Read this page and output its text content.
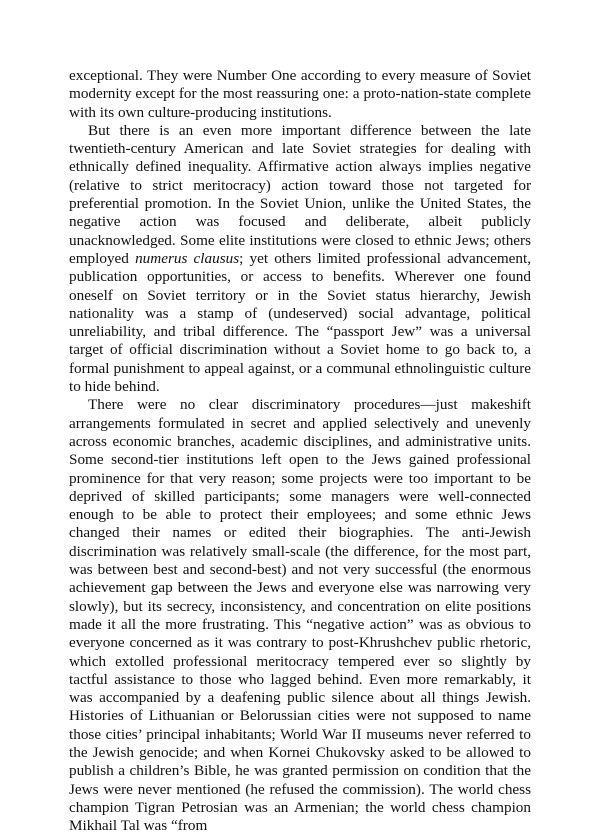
exceptional. They were Number One according to every measure of Soviet modernity except for the most reassuring one: a proto-nation-state complete with its own culture-producing institutions.

But there is an even more important difference between the late twentieth-century American and late Soviet strategies for dealing with ethnically defined inequality. Affirmative action always implies negative (relative to strict meritocracy) action toward those not targeted for preferential promotion. In the Soviet Union, unlike the United States, the negative action was focused and deliberate, albeit publicly unacknowledged. Some elite institutions were closed to ethnic Jews; others employed numerus clausus; yet others limited professional advancement, publication opportunities, or access to benefits. Wherever one found oneself on Soviet territory or in the Soviet status hierarchy, Jewish nationality was a stamp of (undeserved) social advantage, political unreliability, and tribal difference. The “passport Jew” was a universal target of official discrimination without a Soviet home to go back to, a formal punishment to appeal against, or a communal ethnolinguistic culture to hide behind.

There were no clear discriminatory procedures—just makeshift arrangements formulated in secret and applied selectively and unevenly across economic branches, academic disciplines, and administrative units. Some second-tier institutions left open to the Jews gained professional prominence for that very reason; some projects were too important to be deprived of skilled participants; some managers were well-connected enough to be able to protect their employees; and some ethnic Jews changed their names or edited their biographies. The anti-Jewish discrimination was relatively small-scale (the difference, for the most part, was between best and second-best) and not very successful (the enormous achievement gap between the Jews and everyone else was narrowing very slowly), but its secrecy, inconsistency, and concentration on elite positions made it all the more frustrating. This “negative action” was as obvious to everyone concerned as it was contrary to post-Khrushchev public rhetoric, which extolled professional meritocracy tempered ever so slightly by tactful assistance to those who lagged behind. Even more remarkably, it was accompanied by a deafening public silence about all things Jewish. Histories of Lithuanian or Belorussian cities were not supposed to name those cities’ principal inhabitants; World War II museums never referred to the Jewish genocide; and when Kornei Chukovsky asked to be allowed to publish a children’s Bible, he was granted permission on condition that the Jews were never mentioned (he refused the commission). The world chess champion Tigran Petrosian was an Armenian; the world chess champion Mikhail Tal was “from
